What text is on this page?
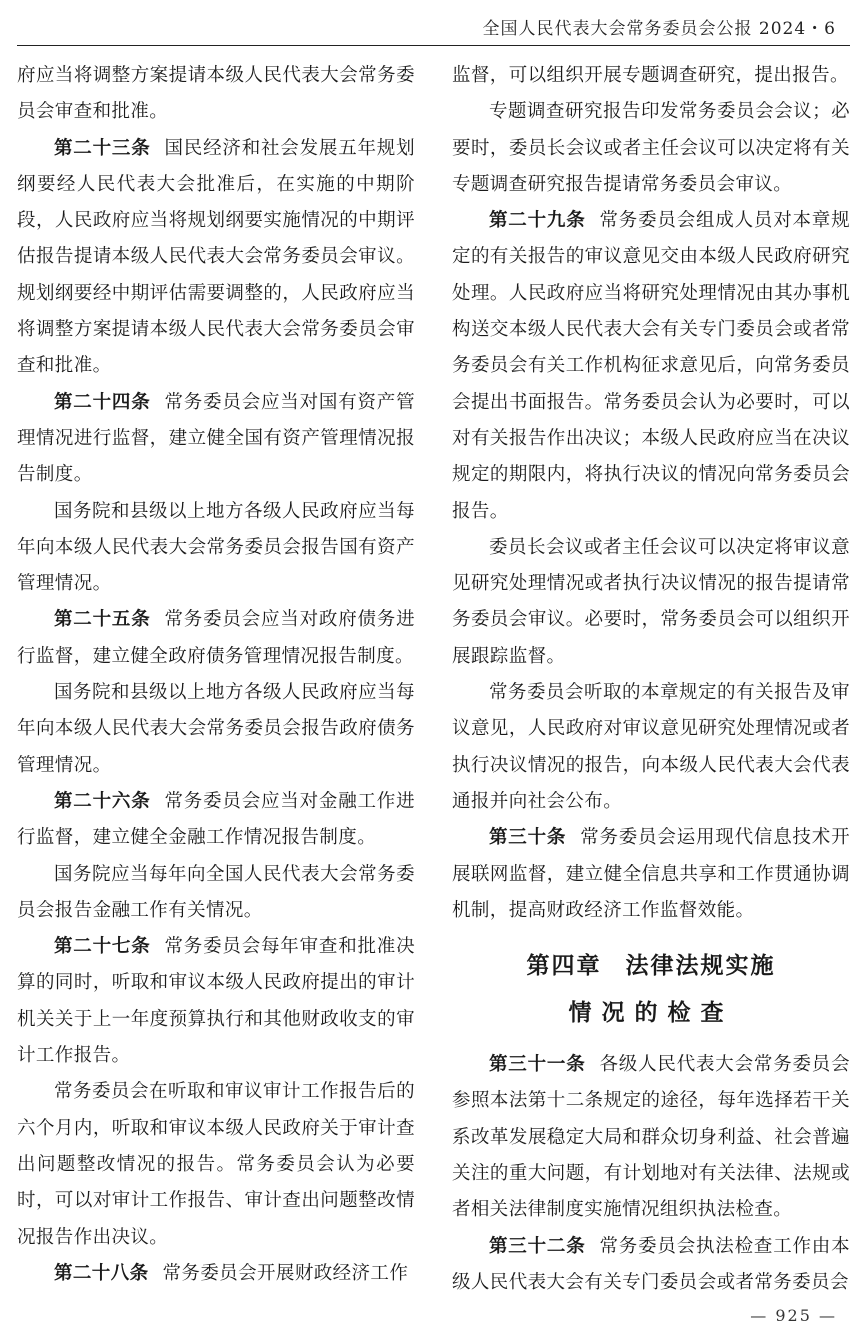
全国人民代表大会常务委员会公报 2024・6

府应当将调整方案提请本级人民代表大会常务委员会审查和批准。

第二十三条 国民经济和社会发展五年规划纲要经人民代表大会批准后，在实施的中期阶段，人民政府应当将规划纲要实施情况的中期评估报告提请本级人民代表大会常务委员会审议。规划纲要经中期评估需要调整的，人民政府应当将调整方案提请本级人民代表大会常务委员会审查和批准。

第二十四条 常务委员会应当对国有资产管理情况进行监督，建立健全国有资产管理情况报告制度。

国务院和县级以上地方各级人民政府应当每年向本级人民代表大会常务委员会报告国有资产管理情况。

第二十五条 常务委员会应当对政府债务进行监督，建立健全政府债务管理情况报告制度。

国务院和县级以上地方各级人民政府应当每年向本级人民代表大会常务委员会报告政府债务管理情况。

第二十六条 常务委员会应当对金融工作进行监督，建立健全金融工作情况报告制度。

国务院应当每年向全国人民代表大会常务委员会报告金融工作有关情况。

第二十七条 常务委员会每年审查和批准决算的同时，听取和审议本级人民政府提出的审计机关关于上一年度预算执行和其他财政收支的审计工作报告。

常务委员会在听取和审议审计工作报告后的六个月内，听取和审议本级人民政府关于审计查出问题整改情况的报告。常务委员会认为必要时，可以对审计工作报告、审计查出问题整改情况报告作出决议。

第二十八条 常务委员会开展财政经济工作

监督，可以组织开展专题调查研究，提出报告。

专题调查研究报告印发常务委员会会议；必要时，委员长会议或者主任会议可以决定将有关专题调查研究报告提请常务委员会审议。

第二十九条 常务委员会组成人员对本章规定的有关报告的审议意见交由本级人民政府研究处理。人民政府应当将研究处理情况由其办事机构送交本级人民代表大会有关专门委员会或者常务委员会有关工作机构征求意见后，向常务委员会提出书面报告。常务委员会认为必要时，可以对有关报告作出决议；本级人民政府应当在决议规定的期限内，将执行决议的情况向常务委员会报告。

委员长会议或者主任会议可以决定将审议意见研究处理情况或者执行决议情况的报告提请常务委员会审议。必要时，常务委员会可以组织开展跟踪监督。

常务委员会听取的本章规定的有关报告及审议意见，人民政府对审议意见研究处理情况或者执行决议情况的报告，向本级人民代表大会代表通报并向社会公布。

第三十条 常务委员会运用现代信息技术开展联网监督，建立健全信息共享和工作贯通协调机制，提高财政经济工作监督效能。

第四章 法律法规实施
情况的检查

第三十一条 各级人民代表大会常务委员会参照本法第十二条规定的途径，每年选择若干关系改革发展稳定大局和群众切身利益、社会普遍关注的重大问题，有计划地对有关法律、法规或者相关法律制度实施情况组织执法检查。

第三十二条 常务委员会执法检查工作由本级人民代表大会有关专门委员会或者常务委员会

— 925 —
